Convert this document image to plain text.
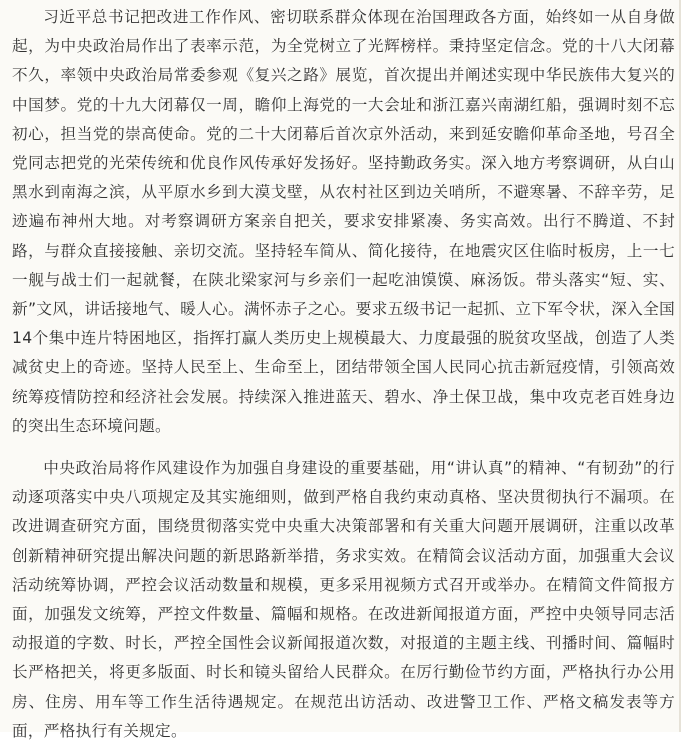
习近平总书记把改进工作作风、密切联系群众体现在治国理政各方面，始终如一从自身做起，为中央政治局作出了表率示范，为全党树立了光辉榜样。秉持坚定信念。党的十八大闭幕不久，率领中央政治局常委参观《复兴之路》展览，首次提出并阐述实现中华民族伟大复兴的中国梦。党的十九大闭幕仅一周，瞻仰上海党的一大会址和浙江嘉兴南湖红船，强调时刻不忘初心，担当党的崇高使命。党的二十大闭幕后首次京外活动，来到延安瞻仰革命圣地，号召全党同志把党的光荣传统和优良作风传承好发扬好。坚持勤政务实。深入地方考察调研，从白山黑水到南海之滨，从平原水乡到大漠戈壁，从农村社区到边关哨所，不避寒暑、不辞辛劳，足迹遍布神州大地。对考察调研方案亲自把关，要求安排紧凑、务实高效。出行不腾道、不封路，与群众直接接触、亲切交流。坚持轻车简从、简化接待，在地震灾区住临时板房，上一七一舰与战士们一起就餐，在陕北梁家河与乡亲们一起吃油馍馍、麻汤饭。带头落实“短、实、新”文风，讲话接地气、暖人心。满怀赤子之心。要求五级书记一起抓、立下军令状，深入全国14个集中连片特困地区，指挥打赢人类历史上规模最大、力度最强的脱贫攻坚战，创造了人类减贫史上的奇迹。坚持人民至上、生命至上，团结带领全国人民同心抗击新冠疫情，引领高效统筹疫情防控和经济社会发展。持续深入推进蓝天、碧水、净土保卫战，集中攻克老百姓身边的突出生态环境问题。

中央政治局将作风建设作为加强自身建设的重要基础，用“讲认真”的精神、“有韧劲”的行动逐项落实中央八项规定及其实施细则，做到严格自我约束动真格、坚决贯彻执行不漏项。在改进调查研究方面，围绕贯彻落实党中央重大决策部署和有关重大问题开展调研，注重以改革创新精神研究提出解决问题的新思路新举措，务求实效。在精简会议活动方面，加强重大会议活动统筹协调，严控会议活动数量和规模，更多采用视频方式召开或举办。在精简文件简报方面，加强发文统筹，严控文件数量、篇幅和规格。在改进新闻报道方面，严控中央领导同志活动报道的字数、时长，严控全国性会议新闻报道次数，对报道的主题主线、刊播时间、篇幅时长严格把关，将更多版面、时长和镜头留给人民群众。在厉行勤俭节约方面，严格执行办公用房、住房、用车等工作生活待遇规定。在规范出访活动、改进警卫工作、严格文稿发表等方面，严格执行有关规定。
